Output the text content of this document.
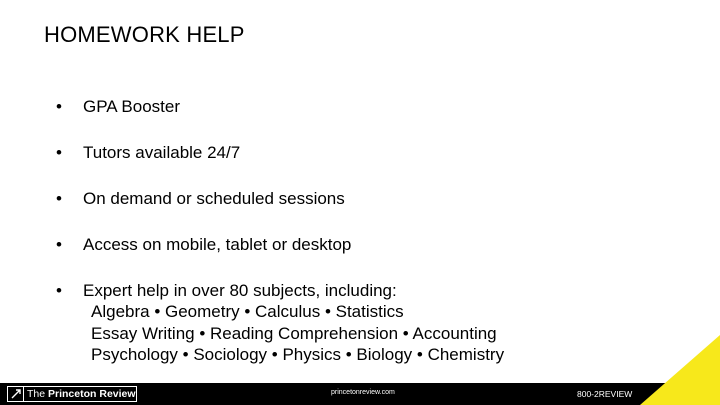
HOMEWORK HELP
• GPA Booster
• Tutors available 24/7
• On demand or scheduled sessions
• Access on mobile, tablet or desktop
• Expert help in over 80 subjects, including:
Algebra • Geometry • Calculus • Statistics
Essay Writing • Reading Comprehension • Accounting
Psychology • Sociology • Physics • Biology • Chemistry
The Princeton Review	princetonreview.com	800-2REVIEW
